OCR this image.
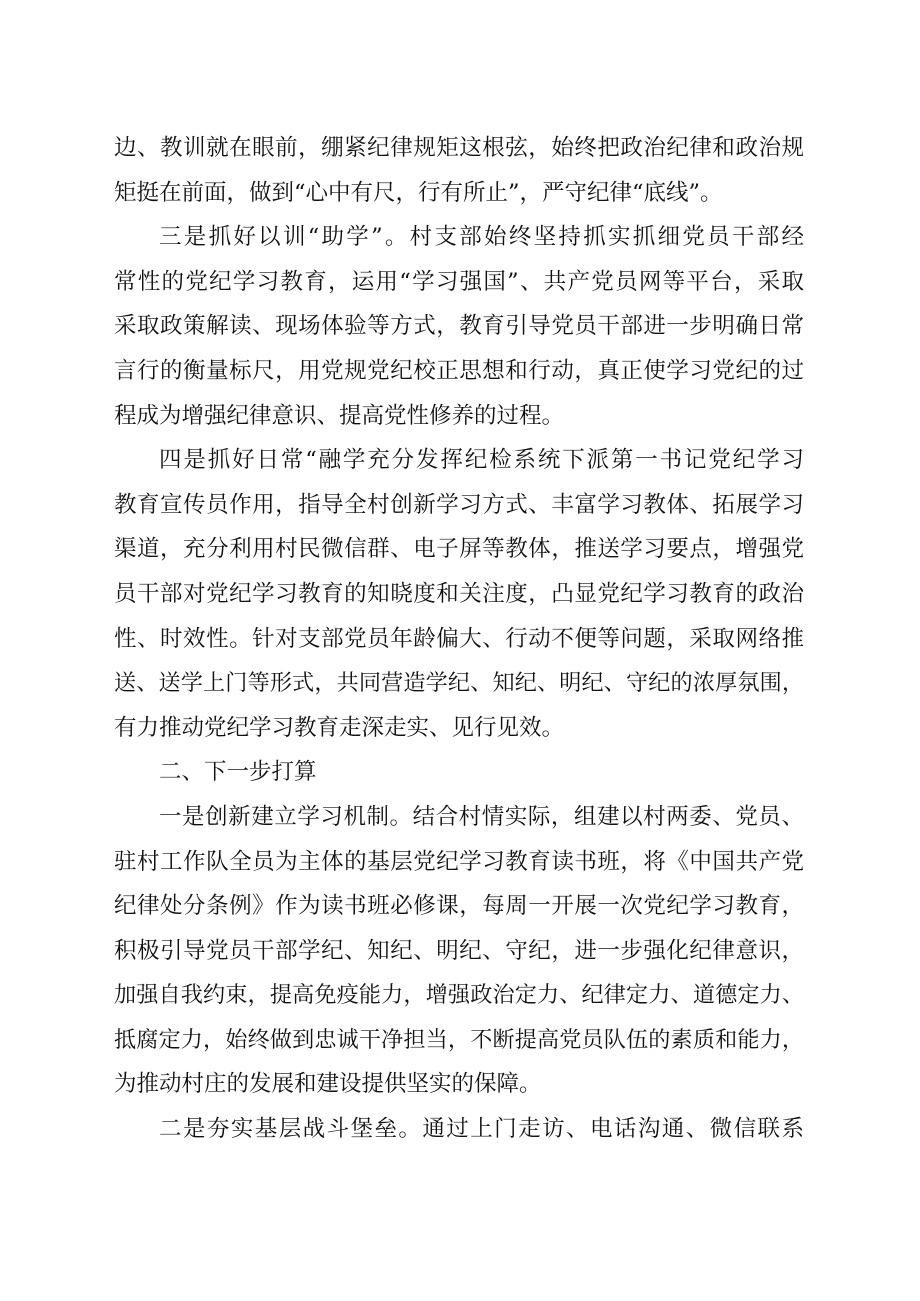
边、教训就在眼前，绷紧纪律规矩这根弦，始终把政治纪律和政治规
矩挺在前面，做到“心中有尺，行有所止”，严守纪律“底线”。
三是抓好以训“助学”。村支部始终坚持抓实抓细党员干部经
常性的党纪学习教育，运用“学习强国”、共产党员网等平台，采取
采取政策解读、现场体验等方式，教育引导党员干部进一步明确日常
言行的衡量标尺，用党规党纪校正思想和行动，真正使学习党纪的过
程成为增强纪律意识、提高党性修养的过程。
四是抓好日常“融学充分发挥纪检系统下派第一书记党纪学习
教育宣传员作用，指导全村创新学习方式、丰富学习教体、拓展学习
渠道，充分利用村民微信群、电子屏等教体，推送学习要点，增强党
员干部对党纪学习教育的知晓度和关注度，凸显党纪学习教育的政治
性、时效性。针对支部党员年龄偏大、行动不便等问题，采取网络推
送、送学上门等形式，共同营造学纪、知纪、明纪、守纪的浓厚氛围，
有力推动党纪学习教育走深走实、见行见效。
二、下一步打算
一是创新建立学习机制。结合村情实际，组建以村两委、党员、
驻村工作队全员为主体的基层党纪学习教育读书班，将《中国共产党
纪律处分条例》作为读书班必修课，每周一开展一次党纪学习教育，
积极引导党员干部学纪、知纪、明纪、守纪，进一步强化纪律意识，
加强自我约束，提高免疫能力，增强政治定力、纪律定力、道德定力、
抵腐定力，始终做到忠诚干净担当，不断提高党员队伍的素质和能力，
为推动村庄的发展和建设提供坚实的保障。
二是夯实基层战斗堡垒。通过上门走访、电话沟通、微信联系
